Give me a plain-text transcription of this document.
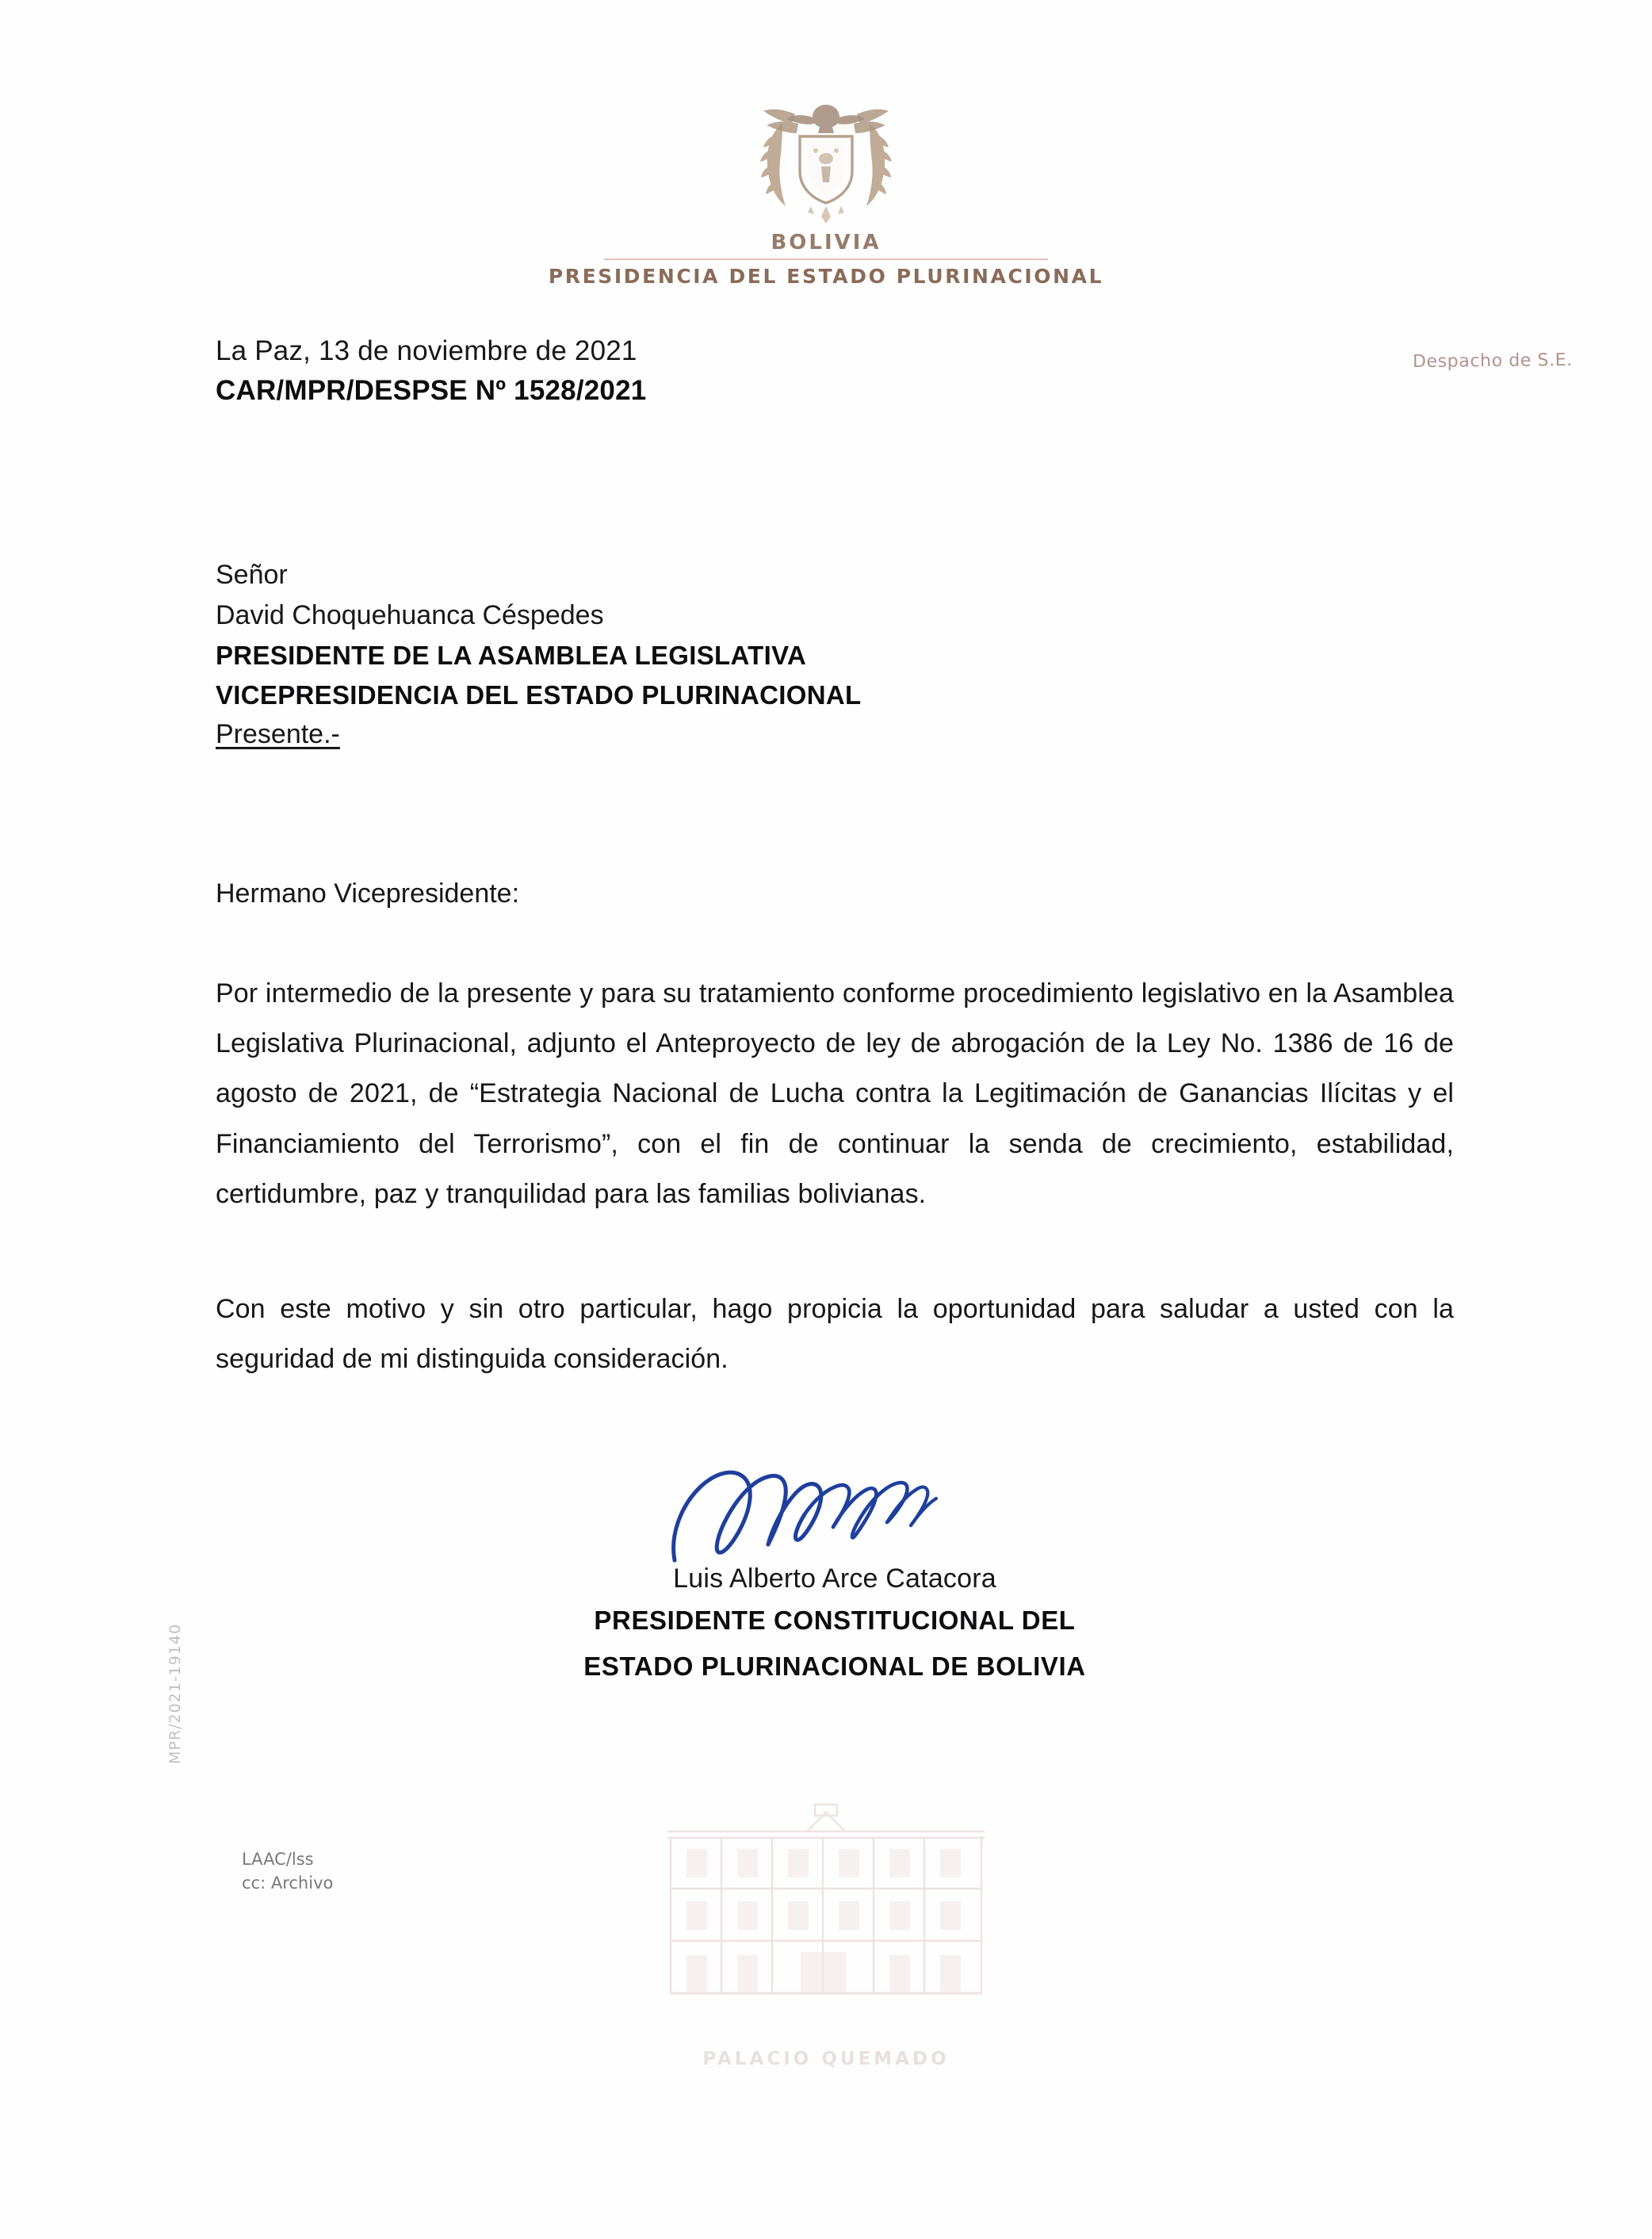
BOLIVIA
PRESIDENCIA DEL ESTADO PLURINACIONAL
Despacho de S.E.
La Paz, 13 de noviembre de 2021
CAR/MPR/DESPSE Nº 1528/2021
Señor
David Choquehuanca Céspedes
PRESIDENTE DE LA ASAMBLEA LEGISLATIVA
VICEPRESIDENCIA DEL ESTADO PLURINACIONAL
Presente.-
Hermano Vicepresidente:
Por intermedio de la presente y para su tratamiento conforme procedimiento legislativo en la Asamblea Legislativa Plurinacional, adjunto el Anteproyecto de ley de abrogación de la Ley No. 1386 de 16 de agosto de 2021, de “Estrategia Nacional de Lucha contra la Legitimación de Ganancias Ilícitas y el Financiamiento del Terrorismo”, con el fin de continuar la senda de crecimiento, estabilidad, certidumbre, paz y tranquilidad para las familias bolivianas.
Con este motivo y sin otro particular, hago propicia la oportunidad para saludar a usted con la seguridad de mi distinguida consideración.
Luis Alberto Arce Catacora
PRESIDENTE CONSTITUCIONAL DEL
ESTADO PLURINACIONAL DE BOLIVIA
PALACIO QUEMADO
LAAC/lss
cc: Archivo
MPR/2021-19140
